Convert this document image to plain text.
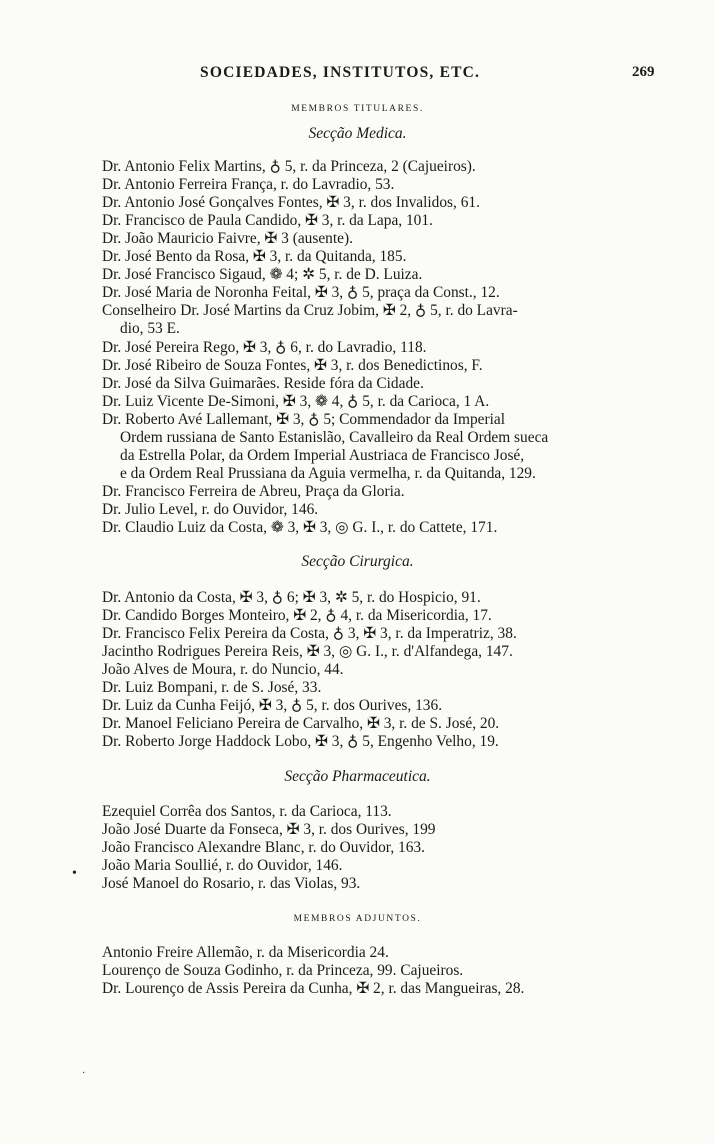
SOCIEDADES, INSTITUTOS, ETC.	269
MEMBROS TITULARES.
Secção Medica.
Dr. Antonio Felix Martins, ♁ 5, r. da Princeza, 2 (Cajueiros).
Dr. Antonio Ferreira França, r. do Lavradio, 53.
Dr. Antonio José Gonçalves Fontes, ✠ 3, r. dos Invalidos, 61.
Dr. Francisco de Paula Candido, ✠ 3, r. da Lapa, 101.
Dr. João Mauricio Faivre, ✠ 3 (ausente).
Dr. José Bento da Rosa, ✠ 3, r. da Quitanda, 185.
Dr. José Francisco Sigaud, ❁ 4; ✲ 5, r. de D. Luiza.
Dr. José Maria de Noronha Feital, ✠ 3, ♁ 5, praça da Const., 12.
Conselheiro Dr. José Martins da Cruz Jobim, ✠ 2, ♁ 5, r. do Lavra-
dio, 53 E.
Dr. José Pereira Rego, ✠ 3, ♁ 6, r. do Lavradio, 118.
Dr. José Ribeiro de Souza Fontes, ✠ 3, r. dos Benedictinos, F.
Dr. José da Silva Guimarães. Reside fóra da Cidade.
Dr. Luiz Vicente De-Simoni, ✠ 3, ❁ 4, ♁ 5, r. da Carioca, 1 A.
Dr. Roberto Avé Lallemant, ✠ 3, ♁ 5; Commendador da Imperial
Ordem russiana de Santo Estanislão, Cavalleiro da Real Ordem sueca
da Estrella Polar, da Ordem Imperial Austriaca de Francisco José,
e da Ordem Real Prussiana da Aguia vermelha, r. da Quitanda, 129.
Dr. Francisco Ferreira de Abreu, Praça da Gloria.
Dr. Julio Level, r. do Ouvidor, 146.
Dr. Claudio Luiz da Costa, ❁ 3, ✠ 3, ◎ G. I., r. do Cattete, 171.
Secção Cirurgica.
Dr. Antonio da Costa, ✠ 3, ♁ 6; ✠ 3, ✲ 5, r. do Hospicio, 91.
Dr. Candido Borges Monteiro, ✠ 2, ♁ 4, r. da Misericordia, 17.
Dr. Francisco Felix Pereira da Costa, ♁ 3, ✠ 3, r. da Imperatriz, 38.
Jacintho Rodrigues Pereira Reis, ✠ 3, ◎ G. I., r. d'Alfandega, 147.
João Alves de Moura, r. do Nuncio, 44.
Dr. Luiz Bompani, r. de S. José, 33.
Dr. Luiz da Cunha Feijó, ✠ 3, ♁ 5, r. dos Ourives, 136.
Dr. Manoel Feliciano Pereira de Carvalho, ✠ 3, r. de S. José, 20.
Dr. Roberto Jorge Haddock Lobo, ✠ 3, ♁ 5, Engenho Velho, 19.
Secção Pharmaceutica.
•
Ezequiel Corrêa dos Santos, r. da Carioca, 113.
João José Duarte da Fonseca, ✠ 3, r. dos Ourives, 199
João Francisco Alexandre Blanc, r. do Ouvidor, 163.
João Maria Soullié, r. do Ouvidor, 146.
José Manoel do Rosario, r. das Violas, 93.
MEMBROS ADJUNTOS.
Antonio Freire Allemão, r. da Misericordia 24.
Lourenço de Souza Godinho, r. da Princeza, 99. Cajueiros.
Dr. Lourenço de Assis Pereira da Cunha, ✠ 2, r. das Mangueiras, 28.
·
